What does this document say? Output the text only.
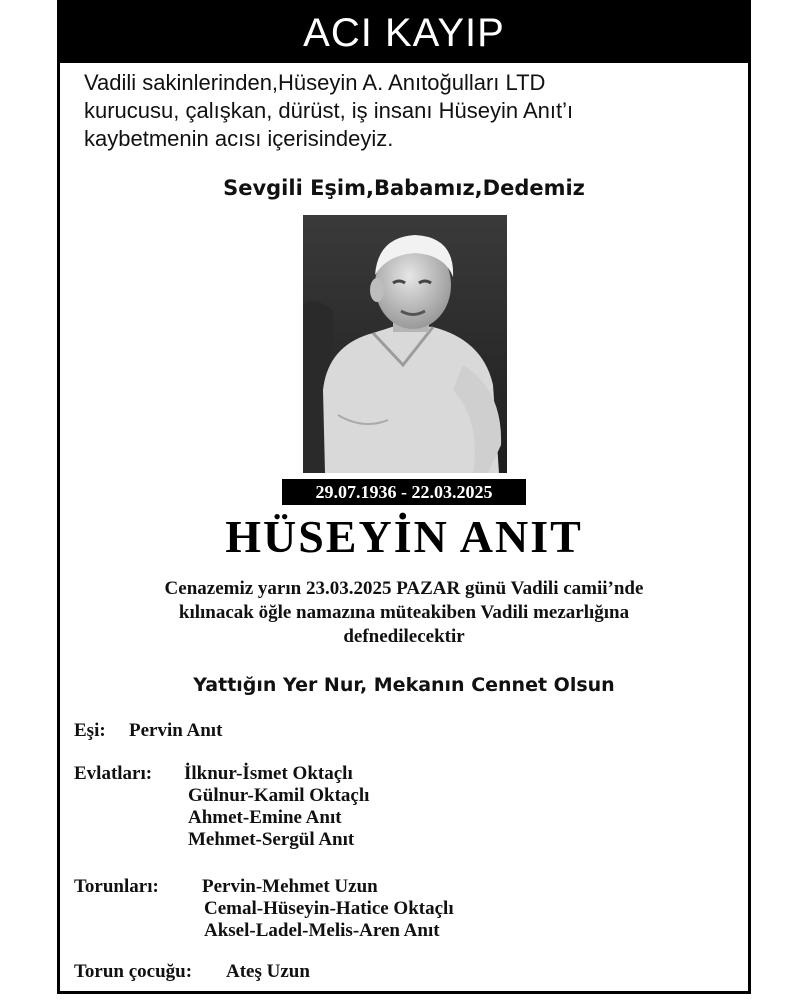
ACI KAYIP
Vadili sakinlerinden,Hüseyin A. Anıtoğulları LTD
kurucusu, çalışkan, dürüst, iş insanı Hüseyin Anıt’ı
kaybetmenin acısı içerisindeyiz.
Sevgili Eşim,Babamız,Dedemiz
29.07.1936 - 22.03.2025
HÜSEYİN ANIT
Cenazemiz yarın 23.03.2025 PAZAR günü Vadili camii’nde
kılınacak öğle namazına müteakiben Vadili mezarlığına
defnedilecektir
Yattığın Yer Nur, Mekanın Cennet Olsun
Eşi: Pervin Anıt
Evlatları: İlknur-İsmet Oktaçlı
Gülnur-Kamil Oktaçlı
Ahmet-Emine Anıt
Mehmet-Sergül Anıt
Torunları: Pervin-Mehmet Uzun
Cemal-Hüseyin-Hatice Oktaçlı
Aksel-Ladel-Melis-Aren Anıt
Torun çocuğu: Ateş Uzun
